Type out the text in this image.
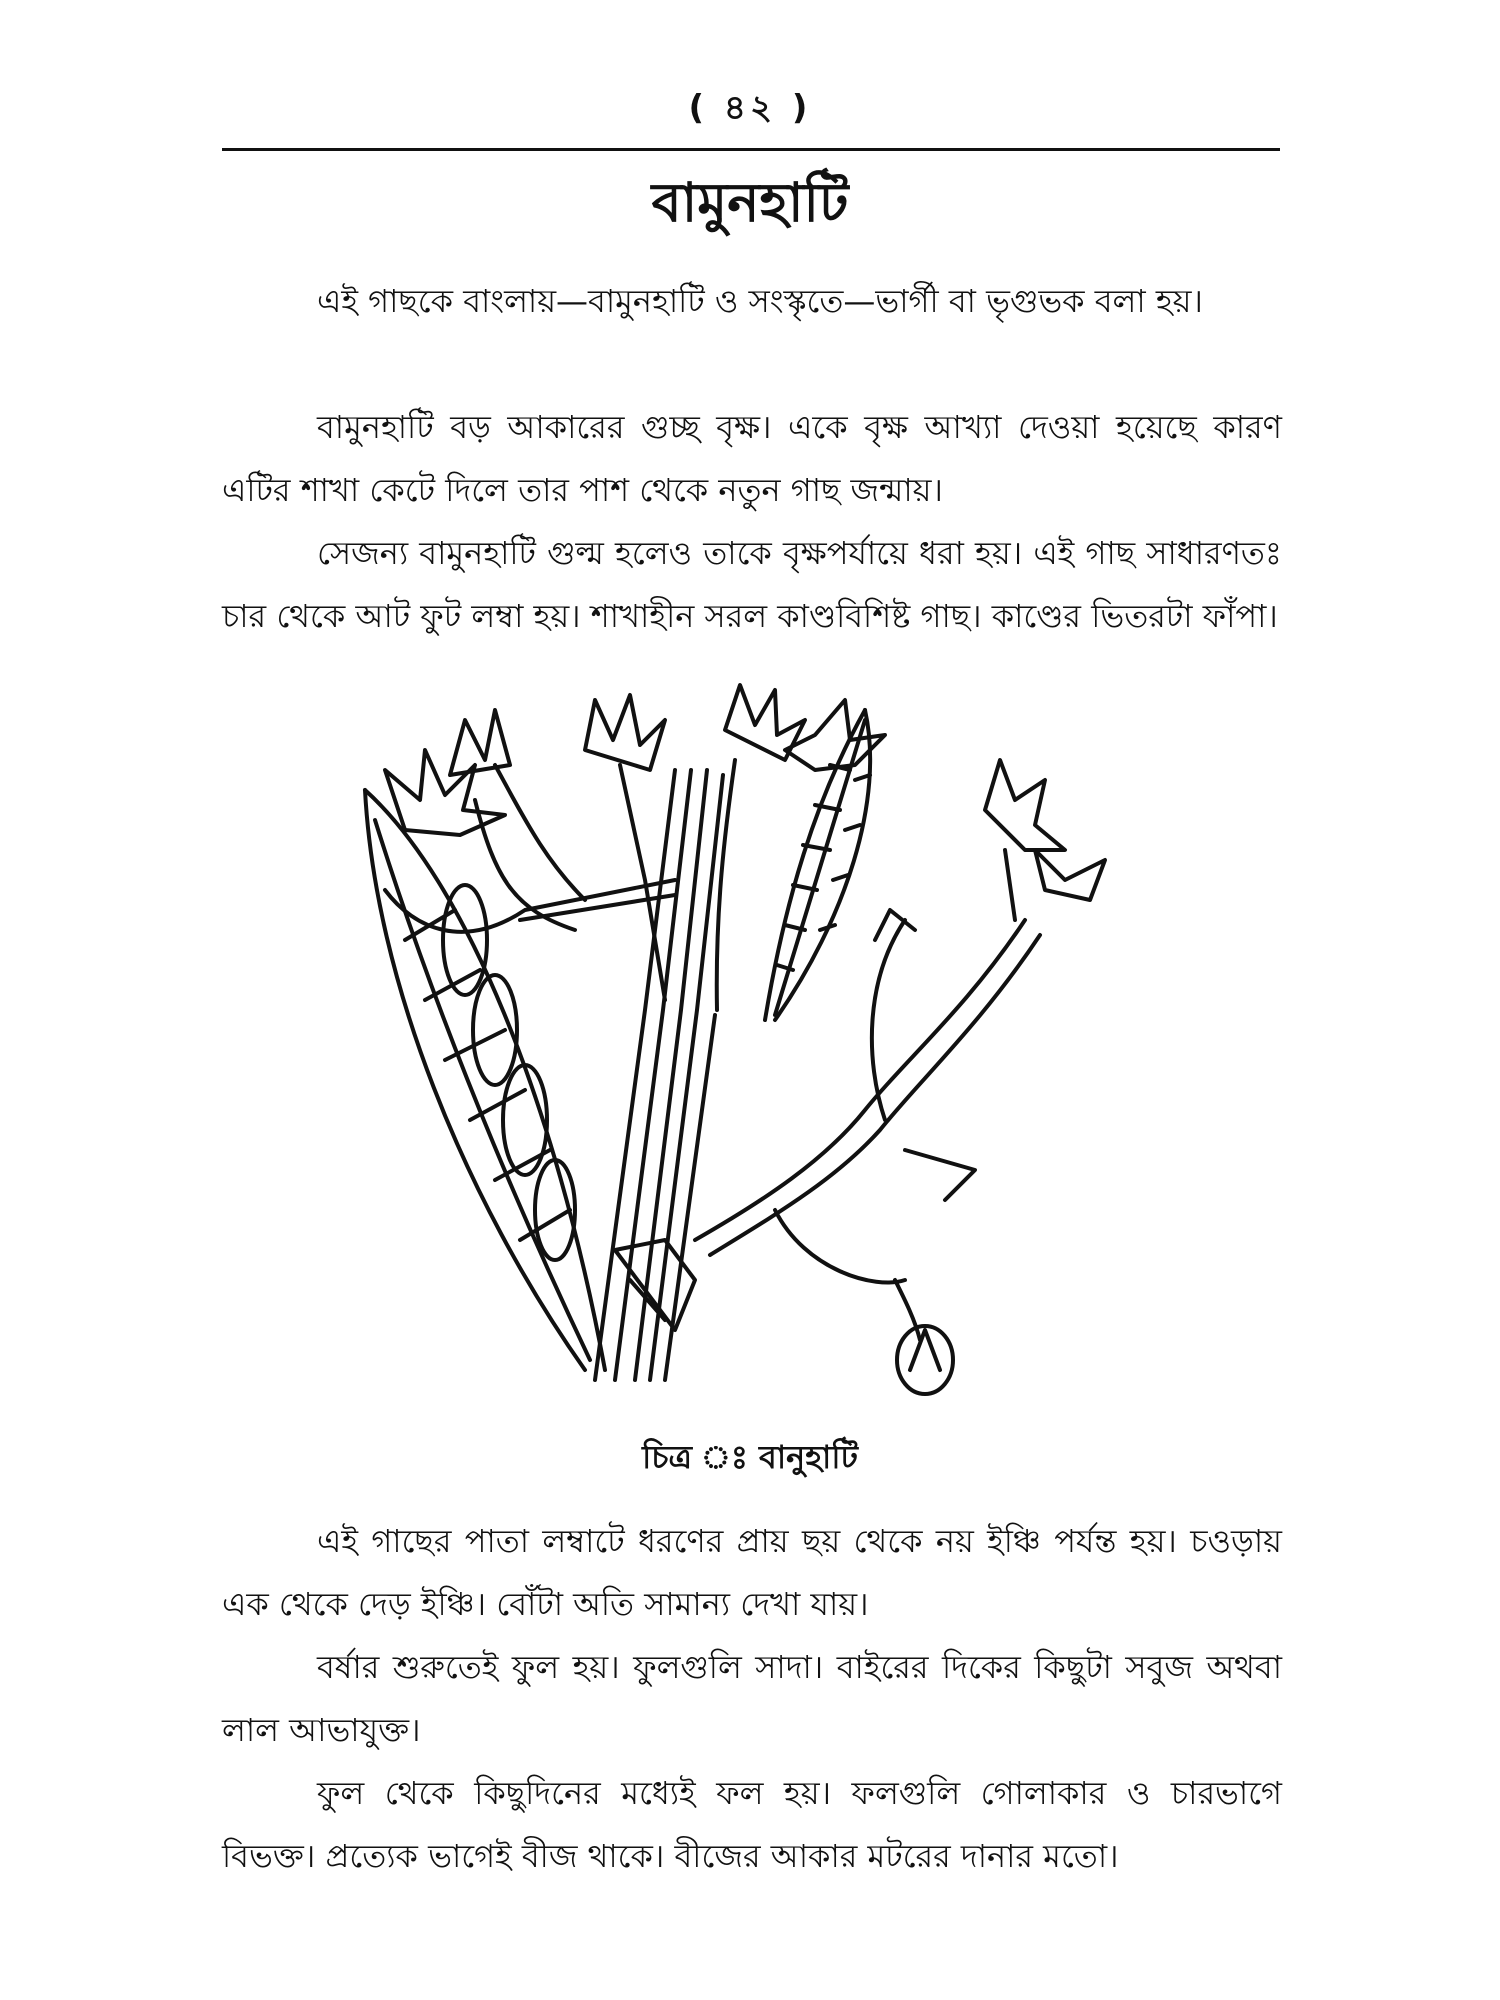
( ৪২ )
বামুনহাটি

এই গাছকে বাংলায়—বামুনহাটি ও সংস্কৃতে—ভার্গী বা ভৃগুভক বলা হয়।

বামুনহাটি বড় আকারের গুচ্ছ বৃক্ষ। একে বৃক্ষ আখ্যা দেওয়া হয়েছে কারণ এটির শাখা কেটে দিলে তার পাশ থেকে নতুন গাছ জন্মায়।

সেজন্য বামুনহাটি গুল্ম হলেও তাকে বৃক্ষপর্যায়ে ধরা হয়। এই গাছ সাধারণতঃ চার থেকে আট ফুট লম্বা হয়। শাখাহীন সরল কাণ্ডবিশিষ্ট গাছ। কাণ্ডের ভিতরটা ফাঁপা।

চিত্র ঃ বানুহাটি

এই গাছের পাতা লম্বাটে ধরণের প্রায় ছয় থেকে নয় ইঞ্চি পর্যন্ত হয়। চওড়ায় এক থেকে দেড় ইঞ্চি। বোঁটা অতি সামান্য দেখা যায়।

বর্ষার শুরুতেই ফুল হয়। ফুলগুলি সাদা। বাইরের দিকের কিছুটা সবুজ অথবা লাল আভাযুক্ত।

ফুল থেকে কিছুদিনের মধ্যেই ফল হয়। ফলগুলি গোলাকার ও চারভাগে বিভক্ত। প্রত্যেক ভাগেই বীজ থাকে। বীজের আকার মটরের দানার মতো।
